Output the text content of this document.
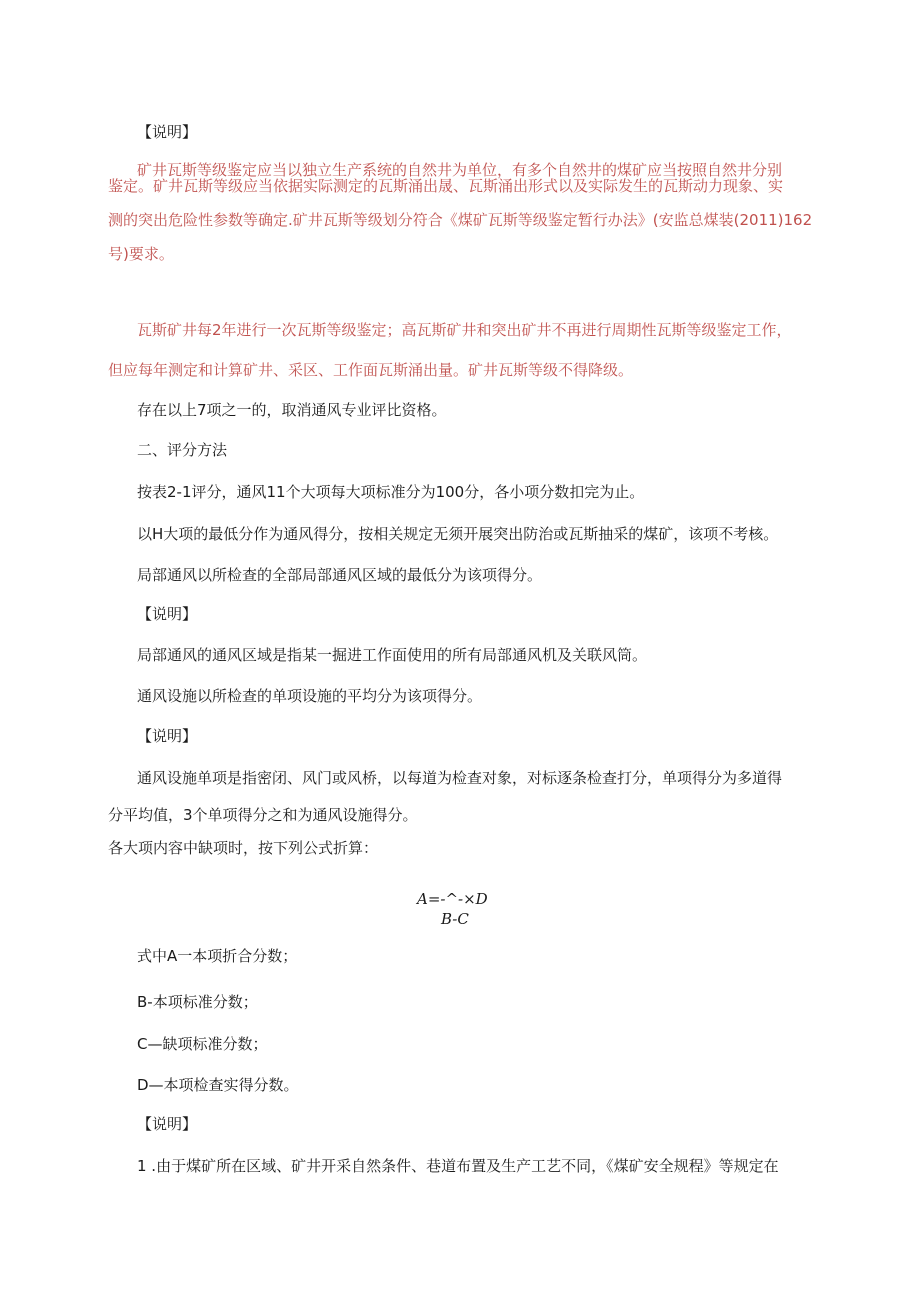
【说明】

矿井瓦斯等级鉴定应当以独立生产系统的自然井为单位，有多个自然井的煤矿应当按照自然井分别

鉴定。矿井瓦斯等级应当依据实际测定的瓦斯涌出晟、瓦斯涌出形式以及实际发生的瓦斯动力现象、实

测的突出危险性参数等确定.矿井瓦斯等级划分符合《煤矿瓦斯等级鉴定暂行办法》(安监总煤装(2011)162

号)要求。

瓦斯矿井每2年进行一次瓦斯等级鉴定；高瓦斯矿井和突出矿井不再进行周期性瓦斯等级鉴定工作，

但应每年测定和计算矿井、采区、工作面瓦斯涌出量。矿井瓦斯等级不得降级。

存在以上7项之一的，取消通风专业评比资格。

二、评分方法

按表2-1评分，通风11个大项每大项标准分为100分，各小项分数扣完为止。

以H大项的最低分作为通风得分，按相关规定无须开展突出防治或瓦斯抽采的煤矿，该项不考核。

局部通风以所检查的全部局部通风区域的最低分为该项得分。

【说明】

局部通风的通风区域是指某一掘进工作面使用的所有局部通风机及关联风筒。

通风设施以所检查的单项设施的平均分为该项得分。

【说明】

通风设施单项是指密闭、风门或风桥，以每道为检查对象，对标逐条检查打分，单项得分为多道得

分平均值，3个单项得分之和为通风设施得分。

各大项内容中缺项时，按下列公式折算：

A=-^-×D
B-C

式中A一本项折合分数；

B-本项标准分数；

C—缺项标准分数；

D—本项检查实得分数。

【说明】

1 .由于煤矿所在区域、矿井开采自然条件、巷道布置及生产工艺不同，《煤矿安全规程》等规定在
